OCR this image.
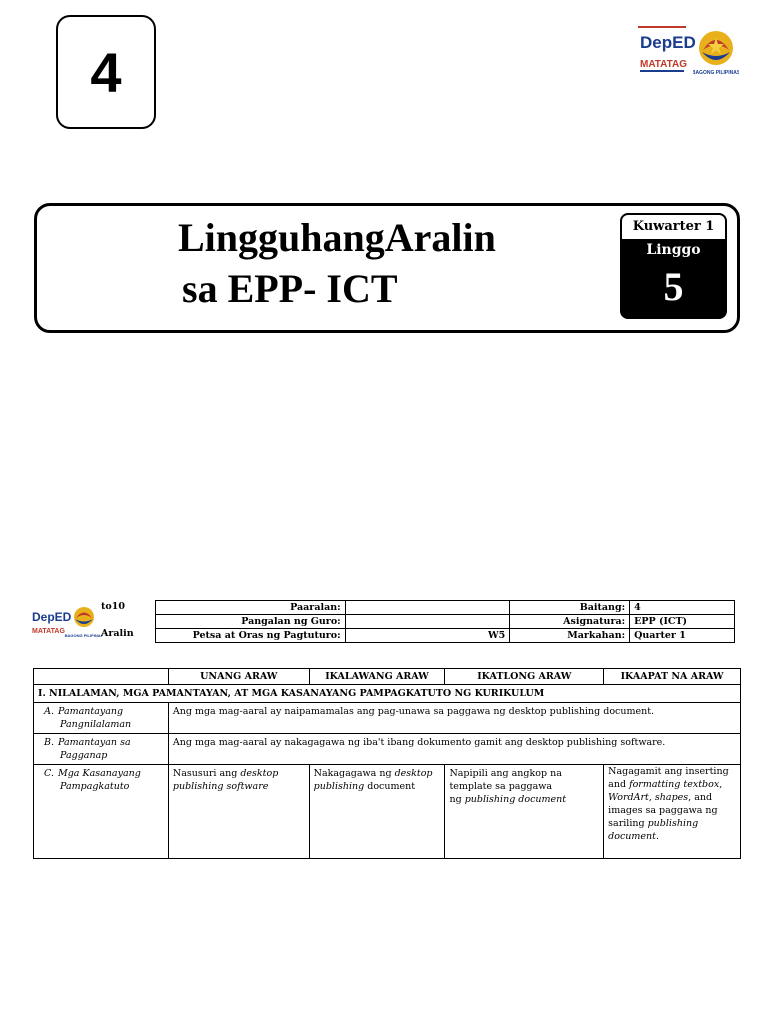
4	DepED
MATATAG
BAGONG PILIPINAS
LingguhangAralin
sa EPP- ICT
Kuwarter 1
Linggo
5
DepED
MATATAG
BAGONG PILIPINAS
to10
Aralin
Paaralan:		Baitang:	4
Pangalan ng Guro:		Asignatura:	EPP (ICT)
Petsa at Oras ng Pagtuturo:	W5	Markahan:	Quarter 1
	UNANG ARAW	IKALAWANG ARAW	IKATLONG ARAW	IKAAPAT NA ARAW
I. NILALAMAN, MGA PAMANTAYAN, AT MGA KASANAYANG PAMPAGKATUTO NG KURIKULUM				
A. Pamantayang
Pangnilalaman	Ang mga mag-aaral ay naipamamalas ang pag-unawa sa paggawa ng desktop publishing document.			
B. Pamantayan sa
Pagganap	Ang mga mag-aaral ay nakagagawa ng iba't ibang dokumento gamit ang desktop publishing software.			
C. Mga Kasanayang
Pampagkatuto	Nasusuri ang desktop publishing software	Nakagagawa ng desktop publishing document	Napipili ang angkop na
template sa paggawa
ng publishing document	Nagagamit ang inserting and formatting textbox, WordArt, shapes, and images sa paggawa ng sariling publishing document.
